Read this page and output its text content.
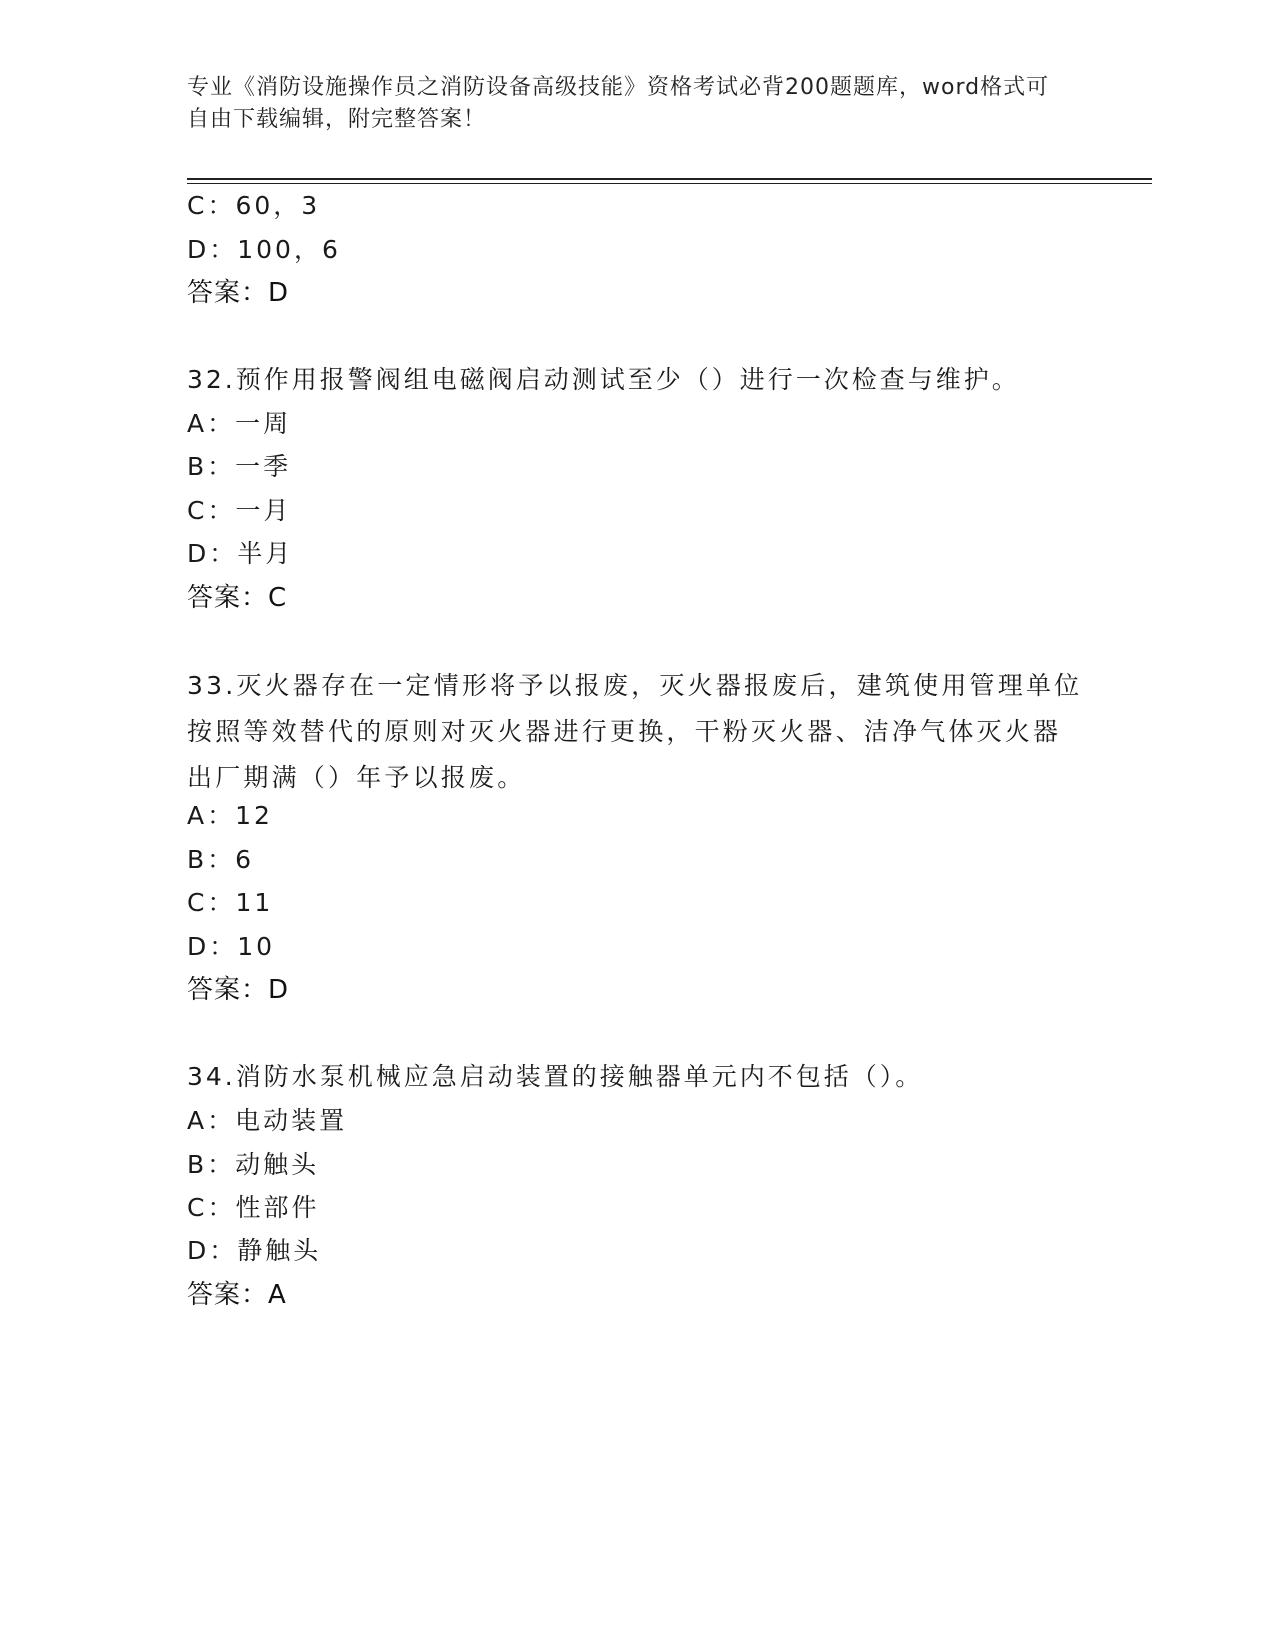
专业《消防设施操作员之消防设备高级技能》资格考试必背200题题库，word格式可自由下载编辑，附完整答案！
C：60，3
D：100，6
答案：D
32.预作用报警阀组电磁阀启动测试至少（）进行一次检查与维护。
A：一周
B：一季
C：一月
D：半月
答案：C
33.灭火器存在一定情形将予以报废，灭火器报废后，建筑使用管理单位按照等效替代的原则对灭火器进行更换，干粉灭火器、洁净气体灭火器出厂期满（）年予以报废。
A：12
B：6
C：11
D：10
答案：D
34.消防水泵机械应急启动装置的接触器单元内不包括（）。
A：电动装置
B：动触头
C：性部件
D：静触头
答案：A
